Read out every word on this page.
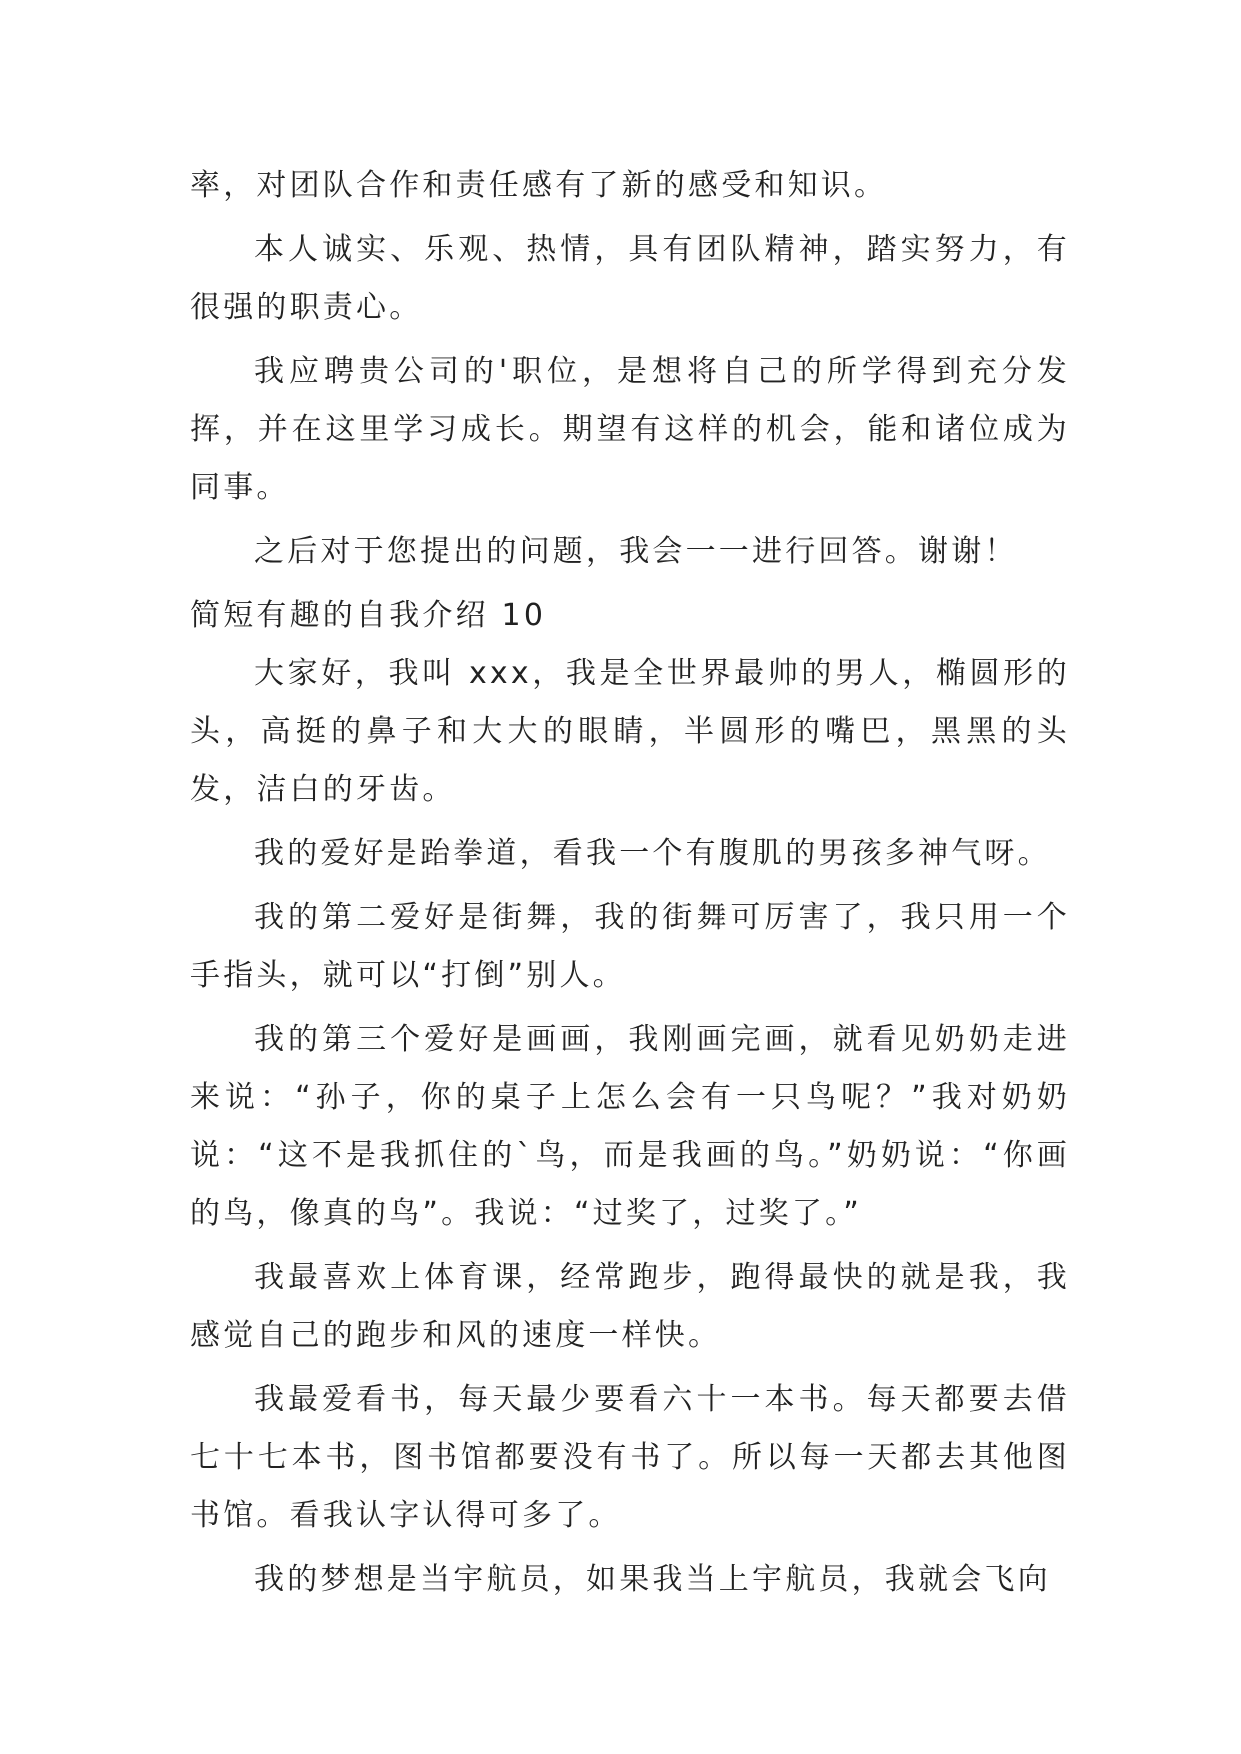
率，对团队合作和责任感有了新的感受和知识。

本人诚实、乐观、热情，具有团队精神，踏实努力，有很强的职责心。

我应聘贵公司的'职位，是想将自己的所学得到充分发挥，并在这里学习成长。期望有这样的机会，能和诸位成为同事。

之后对于您提出的问题，我会一一进行回答。谢谢！

简短有趣的自我介绍 10

大家好，我叫 xxx，我是全世界最帅的男人，椭圆形的头，高挺的鼻子和大大的眼睛，半圆形的嘴巴，黑黑的头发，洁白的牙齿。

我的爱好是跆拳道，看我一个有腹肌的男孩多神气呀。

我的第二爱好是街舞，我的街舞可厉害了，我只用一个手指头，就可以“打倒”别人。

我的第三个爱好是画画，我刚画完画，就看见奶奶走进来说：“孙子，你的桌子上怎么会有一只鸟呢？”我对奶奶说：“这不是我抓住的`鸟，而是我画的鸟。”奶奶说：“你画的鸟，像真的鸟”。我说：“过奖了，过奖了。”

我最喜欢上体育课，经常跑步，跑得最快的就是我，我感觉自己的跑步和风的速度一样快。

我最爱看书，每天最少要看六十一本书。每天都要去借七十七本书，图书馆都要没有书了。所以每一天都去其他图书馆。看我认字认得可多了。

我的梦想是当宇航员，如果我当上宇航员，我就会飞向
